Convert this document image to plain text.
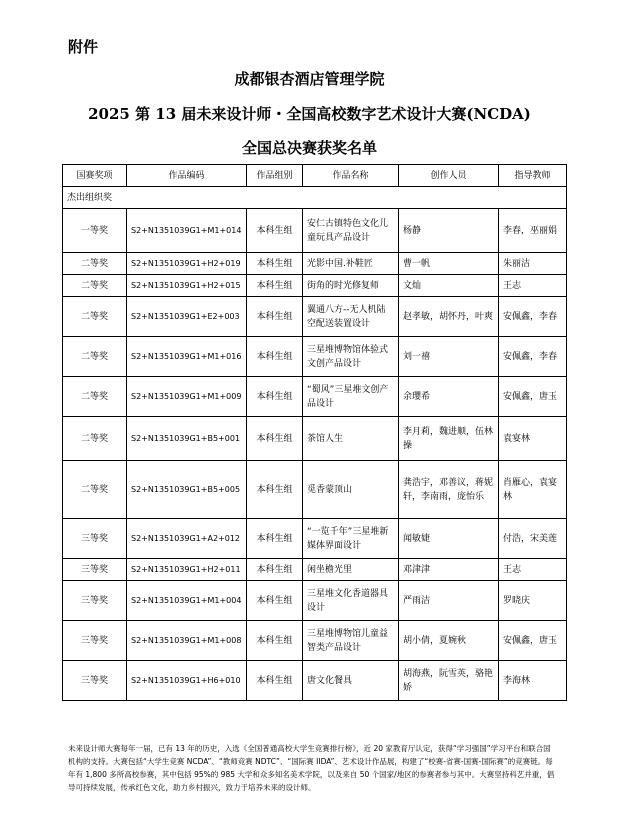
附件
成都银杏酒店管理学院
2025 第 13 届未来设计师・全国高校数字艺术设计大赛(NCDA)
全国总决赛获奖名单
国赛奖项	作品编码	作品组别	作品名称	创作人员	指导教师
杰出组织奖					
一等奖	S2+N1351039G1+M1+014	本科生组	安仁古镇特色文化儿童玩具产品设计	杨静	李春，巫丽娟
二等奖	S2+N1351039G1+H2+019	本科生组	光影中国.补鞋匠	曹一帆	朱丽洁
二等奖	S2+N1351039G1+H2+015	本科生组	街角的时光修复师	文灿	王志
二等奖	S2+N1351039G1+E2+003	本科生组	翼通八方--无人机陆空配送装置设计	赵孝敏，胡怀丹，叶爽	安佩鑫，李春
二等奖	S2+N1351039G1+M1+016	本科生组	三星堆博物馆体验式文创产品设计	刘一禧	安佩鑫，李春
二等奖	S2+N1351039G1+M1+009	本科生组	“蜀风”三星堆文创产品设计	余璎希	安佩鑫，唐玉
二等奖	S2+N1351039G1+B5+001	本科生组	茶馆人生	李月莉，魏进顺，伍林操	袁宴林
二等奖	S2+N1351039G1+B5+005	本科生组	觅香蒙顶山	龚浩宇，邓善议，蒋妮轩，李南雨，庞怡乐	肖雁心，袁宴林
三等奖	S2+N1351039G1+A2+012	本科生组	“一览千年”三星堆新媒体界面设计	闻敏婕	付浩，宋美莲
三等奖	S2+N1351039G1+H2+011	本科生组	闲坐檐光里	邓津津	王志
三等奖	S2+N1351039G1+M1+004	本科生组	三星堆文化香道器具设计	严雨洁	罗晓庆
三等奖	S2+N1351039G1+M1+008	本科生组	三星堆博物馆儿童益智类产品设计	胡小倩，夏婉秋	安佩鑫，唐玉
三等奖	S2+N1351039G1+H6+010	本科生组	唐文化餐具	胡海燕，阮雪英，骆艳娇	李海林
未来设计师大赛每年一届，已有 13 年的历史，入选《全国普通高校大学生竞赛排行榜》，近 20 家教育厅认定，获得“学习强国”学习平台和联合国机构的支持。大赛包括“大学生竞赛 NCDA”、“教师竞赛 NDTC”、“国际赛 IIDA”、艺术设计作品展，构建了“校赛-省赛-国赛-国际赛”的竞赛链。每年有 1,800 多所高校参赛，其中包括 95%的 985 大学和众多知名美术学院，以及来自 50 个国家/地区的参赛者参与其中。大赛坚持科艺并重，倡导可持续发展，传承红色文化，助力乡村振兴，致力于培养未来的设计师。
